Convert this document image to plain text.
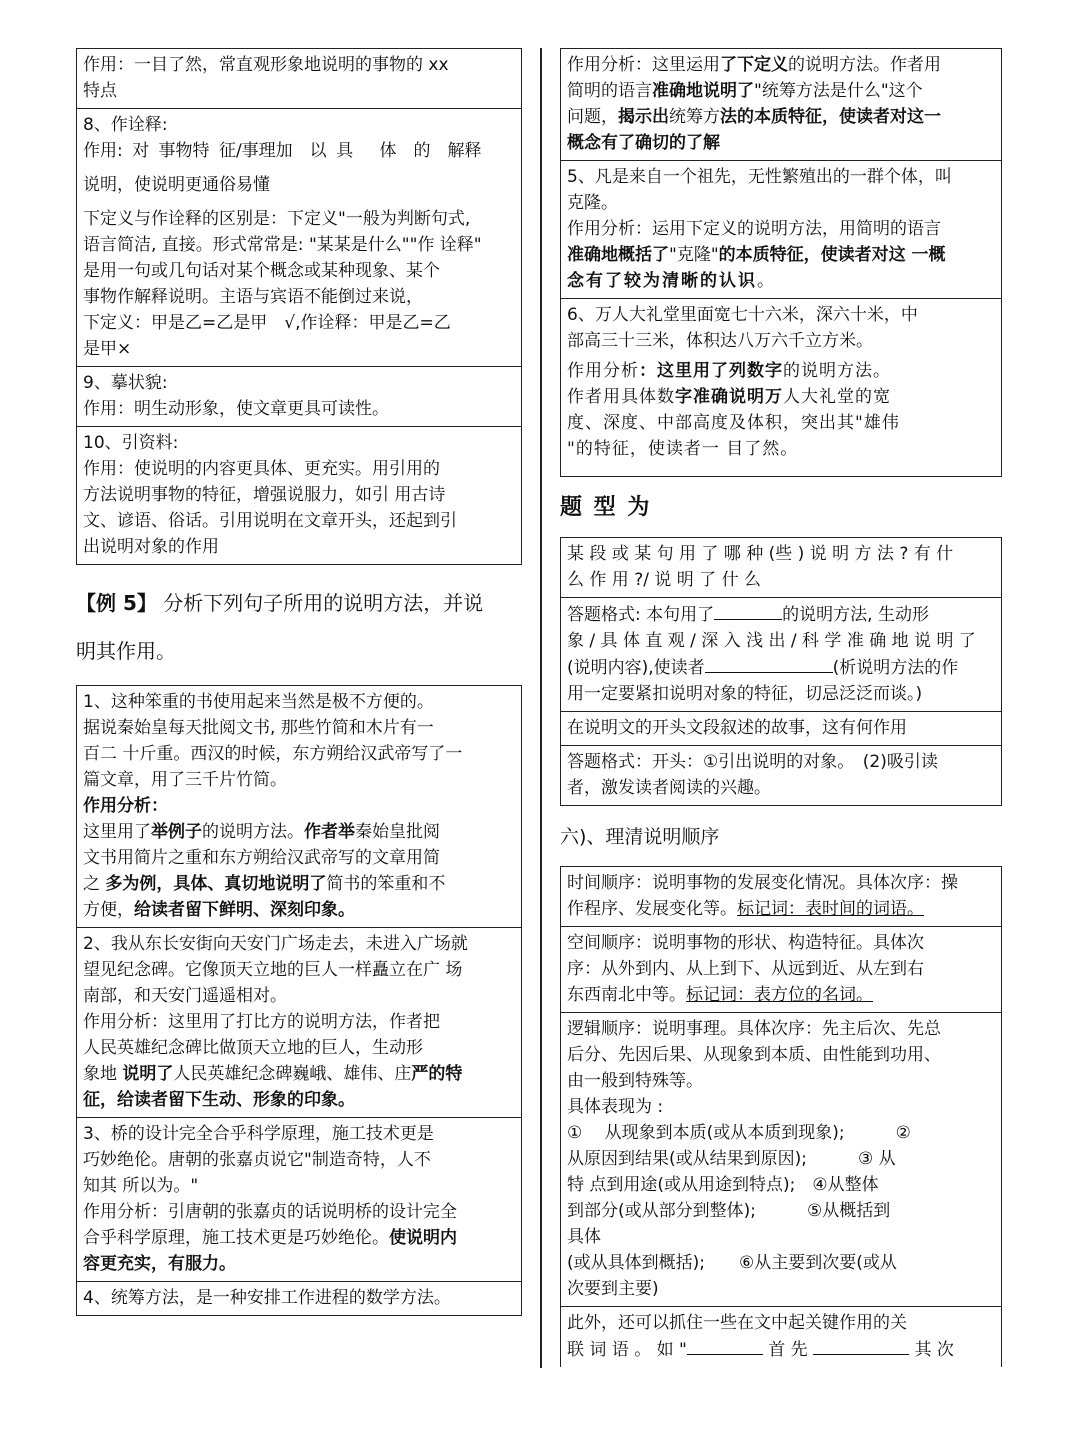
作用：一目了然，常直观形象地说明的事物的 xx

特点

8、作诠释:

作用: 对 事物特 征/事理加　以 具　 体　的　解释

说明，使说明更通俗易懂

下定义与作诠释的区别是：下定义"一般为判断句式,

语言简洁, 直接。形式常常是: "某某是什么""作 诠释"

是用一句或几句话对某个概念或某种现象、某个

事物作解释说明。主语与宾语不能倒过来说，

下定义：甲是乙=乙是甲　√,作诠释：甲是乙=乙

是甲×

9、摹状貌:

作用：明生动形象，使文章更具可读性。

10、引资料:

作用：使说明的内容更具体、更充实。用引用的

方法说明事物的特征，增强说服力，如引 用古诗

文、谚语、俗话。引用说明在文章开头，还起到引

出说明对象的作用

【例 5】 分析下列句子所用的说明方法，并说
明其作用。

1、这种笨重的书使用起来当然是极不方便的。

据说秦始皇每天批阅文书, 那些竹简和木片有一

百二 十斤重。西汉的时候，东方朔给汉武帝写了一

篇文章，用了三千片竹简。

作用分析：

这里用了举例子的说明方法。作者举秦始皇批阅

文书用简片之重和东方朔给汉武帝写的文章用简

之 多为例，具体、真切地说明了简书的笨重和不

方便，给读者留下鲜明、深刻印象。

2、我从东长安街向天安门广场走去，未进入广场就

望见纪念碑。它像顶天立地的巨人一样矗立在广 场

南部，和天安门遥遥相对。

作用分析：这里用了打比方的说明方法，作者把

人民英雄纪念碑比做顶天立地的巨人，生动形

象地 说明了人民英雄纪念碑巍峨、雄伟、庄严的特

征，给读者留下生动、形象的印象。

3、桥的设计完全合乎科学原理，施工技术更是

巧妙绝伦。唐朝的张嘉贞说它"制造奇特，人不

知其 所以为。"

作用分析：引唐朝的张嘉贞的话说明桥的设计完全

合乎科学原理，施工技术更是巧妙绝伦。使说明内

容更充实，有服力。

4、统筹方法，是一种安排工作进程的数学方法。

作用分析：这里运用了下定义的说明方法。作者用

简明的语言准确地说明了"统筹方法是什么"这个

问题，揭示出统筹方法的本质特征，使读者对这一

概念有了确切的了解

5、凡是来自一个祖先，无性繁殖出的一群个体，叫

克隆。

作用分析：运用下定义的说明方法，用简明的语言

准确地概括了"克隆"的本质特征，使读者对这 一概

念有了较为清晰的认识。

6、万人大礼堂里面宽七十六米，深六十米，中

部高三十三米，体积达八万六千立方米。

作用分析：这里用了列数字的说明方法。

作者用具体数字准确说明万人大礼堂的宽

度、深度、中部高度及体积，突出其"雄伟

"的特征，使读者一 目了然。

题 型 为

某 段 或 某 句 用 了 哪 种 (些 ) 说 明 方 法 ? 有 什

么 作 用 ?/ 说 明 了 什 么

答题格式: 本句用了	的说明方法, 生动形

象 / 具 体 直 观 / 深 入 浅 出 / 科 学 准 确 地 说 明 了

(说明内容),使读者	(析说明方法的作

用一定要紧扣说明对象的特征，切忌泛泛而谈。)

在说明文的开头文段叙述的故事，这有何作用

答题格式：开头：①引出说明的对象。　(2)吸引读

者，激发读者阅读的兴趣。

六)、理清说明顺序

时间顺序：说明事物的发展变化情况。具体次序：操

作程序、发展变化等。标记词：表时间的词语。

空间顺序：说明事物的形状、构造特征。具体次

序：从外到内、从上到下、从远到近、从左到右

东西南北中等。标记词：表方位的名词。

逻辑顺序：说明事理。具体次序：先主后次、先总

后分、先因后果、从现象到本质、由性能到功用、

由一般到特殊等。

具体表现为 :

①　 从现象到本质(或从本质到现象);　　　②

从原因到结果(或从结果到原因);　　　③ 从

特 点到用途(或从用途到特点);　④从整体

到部分(或从部分到整体);　　　⑤从概括到

具体

(或从具体到概括);　　⑥从主要到次要(或从

次要到主要)

此外，还可以抓住一些在文中起关键作用的关

联 词 语 。 如 "	首 先	其 次
